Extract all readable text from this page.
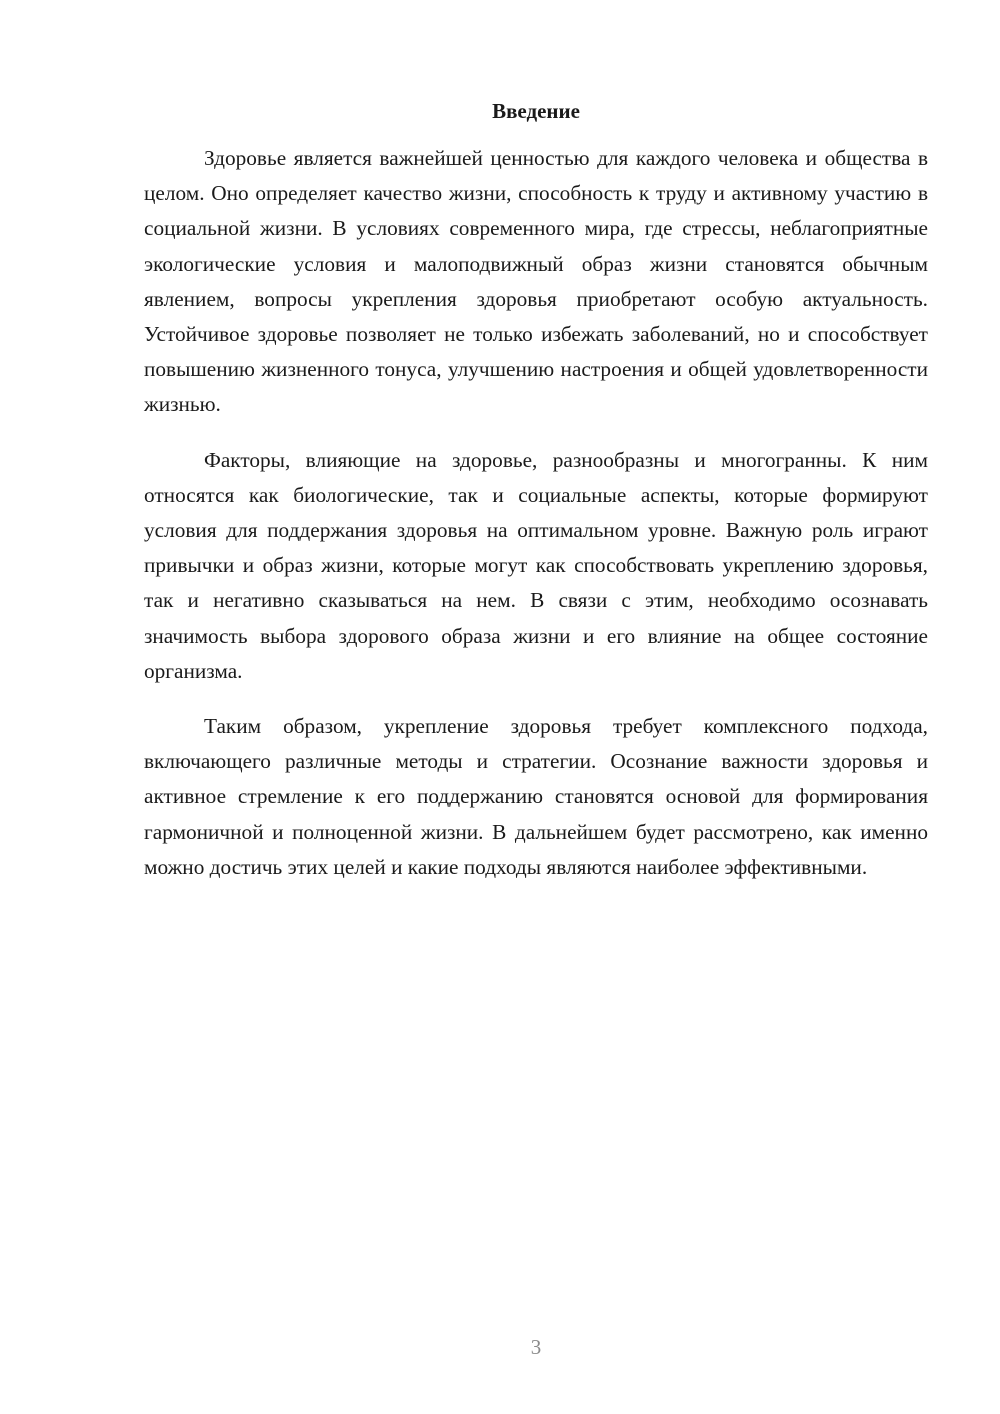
Введение

Здоровье является важнейшей ценностью для каждого человека и общества в целом. Оно определяет качество жизни, способность к труду и активному участию в социальной жизни. В условиях современного мира, где стрессы, неблагоприятные экологические условия и малоподвижный образ жизни становятся обычным явлением, вопросы укрепления здоровья приобретают особую актуальность. Устойчивое здоровье позволяет не только избежать заболеваний, но и способствует повышению жизненного тонуса, улучшению настроения и общей удовлетворенности жизнью.

Факторы, влияющие на здоровье, разнообразны и многогранны. К ним относятся как биологические, так и социальные аспекты, которые формируют условия для поддержания здоровья на оптимальном уровне. Важную роль играют привычки и образ жизни, которые могут как способствовать укреплению здоровья, так и негативно сказываться на нем. В связи с этим, необходимо осознавать значимость выбора здорового образа жизни и его влияние на общее состояние организма.

Таким образом, укрепление здоровья требует комплексного подхода, включающего различные методы и стратегии. Осознание важности здоровья и активное стремление к его поддержанию становятся основой для формирования гармоничной и полноценной жизни. В дальнейшем будет рассмотрено, как именно можно достичь этих целей и какие подходы являются наиболее эффективными.

3
